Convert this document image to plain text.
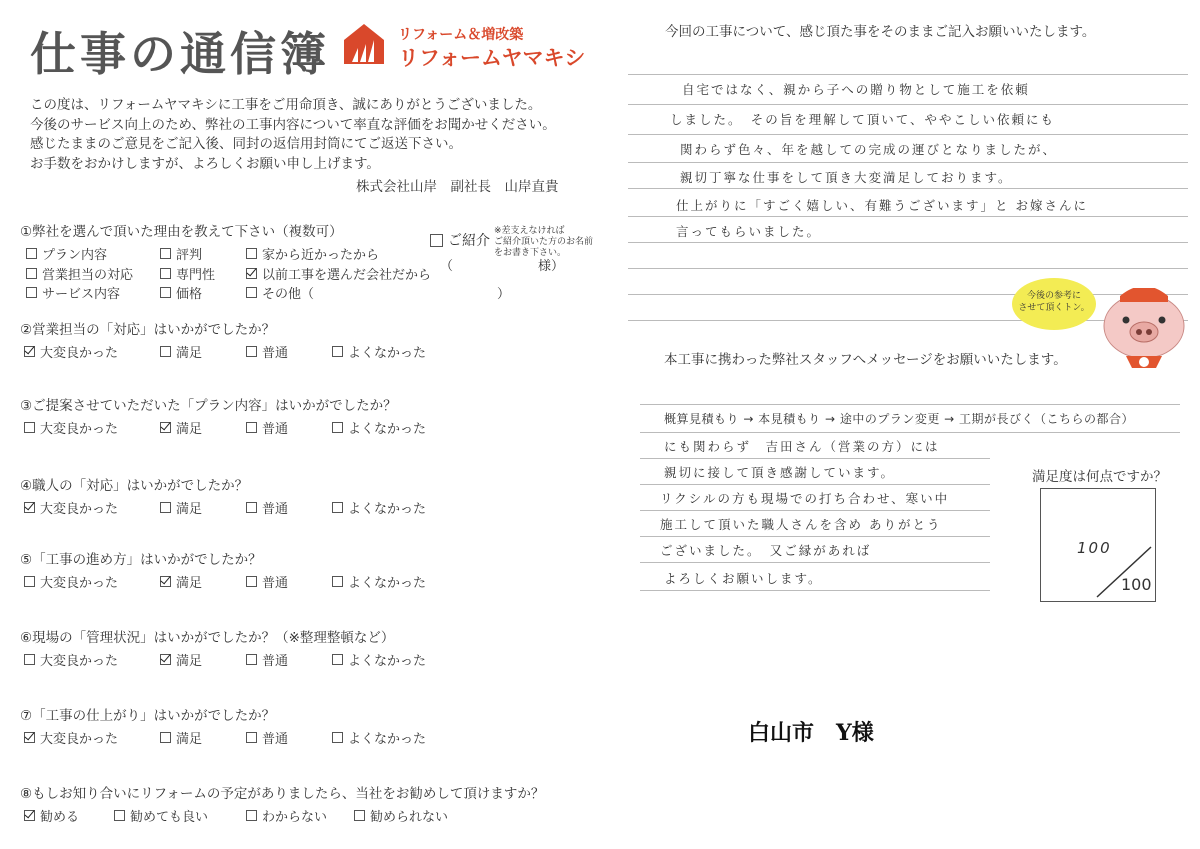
仕事の通信簿	リフォーム＆増改築
リフォームヤマキシ
この度は、リフォームヤマキシに工事をご用命頂き、誠にありがとうございました。
今後のサービス向上のため、弊社の工事内容について率直な評価をお聞かせください。
感じたままのご意見をご記入後、同封の返信用封筒にてご返送下さい。
お手数をおかけしますが、よろしくお願い申し上げます。
株式会社山岸　副社長　山岸直貴
①弊社を選んで頂いた理由を教えて下さい（複数可）
プラン内容	評判	家から近かったから
営業担当の対応	専門性	以前工事を選んだ会社だから
サービス内容	価格	その他（	）
ご紹介
※差支えなければ
ご紹介頂いた方のお名前
をお書き下さい。
（	様）
②営業担当の「対応」はいかがでしたか？
大変良かった	満足	普通	よくなかった
③ご提案させていただいた「プラン内容」はいかがでしたか？
大変良かった	満足	普通	よくなかった
④職人の「対応」はいかがでしたか？
大変良かった	満足	普通	よくなかった
⑤「工事の進め方」はいかがでしたか？
大変良かった	満足	普通	よくなかった
⑥現場の「管理状況」はいかがでしたか？（※整理整頓など）
大変良かった	満足	普通	よくなかった
⑦「工事の仕上がり」はいかがでしたか？
大変良かった	満足	普通	よくなかった
⑧もしお知り合いにリフォームの予定がありましたら、当社をお勧めして頂けますか？
勧める	勧めても良い	わからない	勧められない
今回の工事について、感じ頂た事をそのままご記入お願いいたします。
自宅ではなく、親から子への贈り物として施工を依頼
しました。　その旨を理解して頂いて、ややこしい依頼にも
関わらず色々、年を越しての完成の運びとなりましたが、
親切丁寧な仕事をして頂き大変満足しております。
仕上がりに「すごく嬉しい、有難うございます」と お嫁さんに
言ってもらいました。
今後の参考に
させて頂くトン。
本工事に携わった弊社スタッフへメッセージをお願いいたします。
概算見積もり → 本見積もり → 途中のプラン変更 → 工期が長びく（こちらの都合）
にも関わらず　吉田さん（営業の方）には
親切に接して頂き感謝しています。
リクシルの方も現場での打ち合わせ、寒い中
施工して頂いた職人さんを含め ありがとう
ございました。　又ご縁があれば
よろしくお願いします。
満足度は何点ですか？
100
100
白山市　Y様
